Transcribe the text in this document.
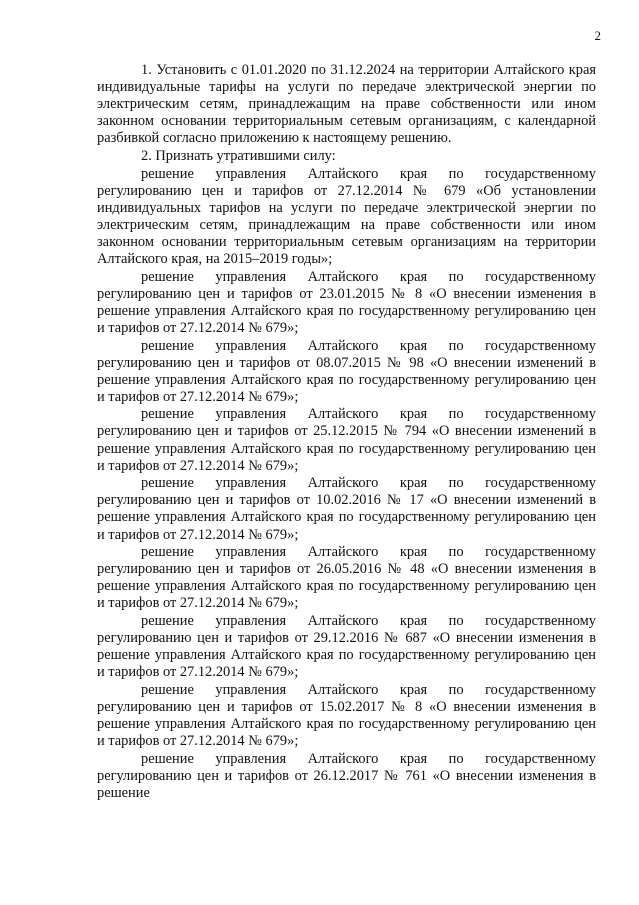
2

1. Установить с 01.01.2020 по 31.12.2024 на территории Алтайского края индивидуальные тарифы на услуги по передаче электрической энергии по электрическим сетям, принадлежащим на праве собственности или ином законном основании территориальным сетевым организациям, с календарной разбивкой согласно приложению к настоящему решению.

2. Признать утратившими силу:

решение управления Алтайского края по государственному регулированию цен и тарифов от 27.12.2014 № 679 «Об установлении индивидуальных тарифов на услуги по передаче электрической энергии по электрическим сетям, принадлежащим на праве собственности или ином законном основании территориальным сетевым организациям на территории Алтайского края, на 2015–2019 годы»;

решение управления Алтайского края по государственному регулированию цен и тарифов от 23.01.2015 № 8 «О внесении изменения в решение управления Алтайского края по государственному регулированию цен и тарифов от 27.12.2014 № 679»;

решение управления Алтайского края по государственному регулированию цен и тарифов от 08.07.2015 № 98 «О внесении изменений в решение управления Алтайского края по государственному регулированию цен и тарифов от 27.12.2014 № 679»;

решение управления Алтайского края по государственному регулированию цен и тарифов от 25.12.2015 № 794 «О внесении изменений в решение управления Алтайского края по государственному регулированию цен и тарифов от 27.12.2014 № 679»;

решение управления Алтайского края по государственному регулированию цен и тарифов от 10.02.2016 № 17 «О внесении изменений в решение управления Алтайского края по государственному регулированию цен и тарифов от 27.12.2014 № 679»;

решение управления Алтайского края по государственному регулированию цен и тарифов от 26.05.2016 № 48 «О внесении изменения в решение управления Алтайского края по государственному регулированию цен и тарифов от 27.12.2014 № 679»;

решение управления Алтайского края по государственному регулированию цен и тарифов от 29.12.2016 № 687 «О внесении изменения в решение управления Алтайского края по государственному регулированию цен и тарифов от 27.12.2014 № 679»;

решение управления Алтайского края по государственному регулированию цен и тарифов от 15.02.2017 № 8 «О внесении изменения в решение управления Алтайского края по государственному регулированию цен и тарифов от 27.12.2014 № 679»;

решение управления Алтайского края по государственному регулированию цен и тарифов от 26.12.2017 № 761 «О внесении изменения в решение
